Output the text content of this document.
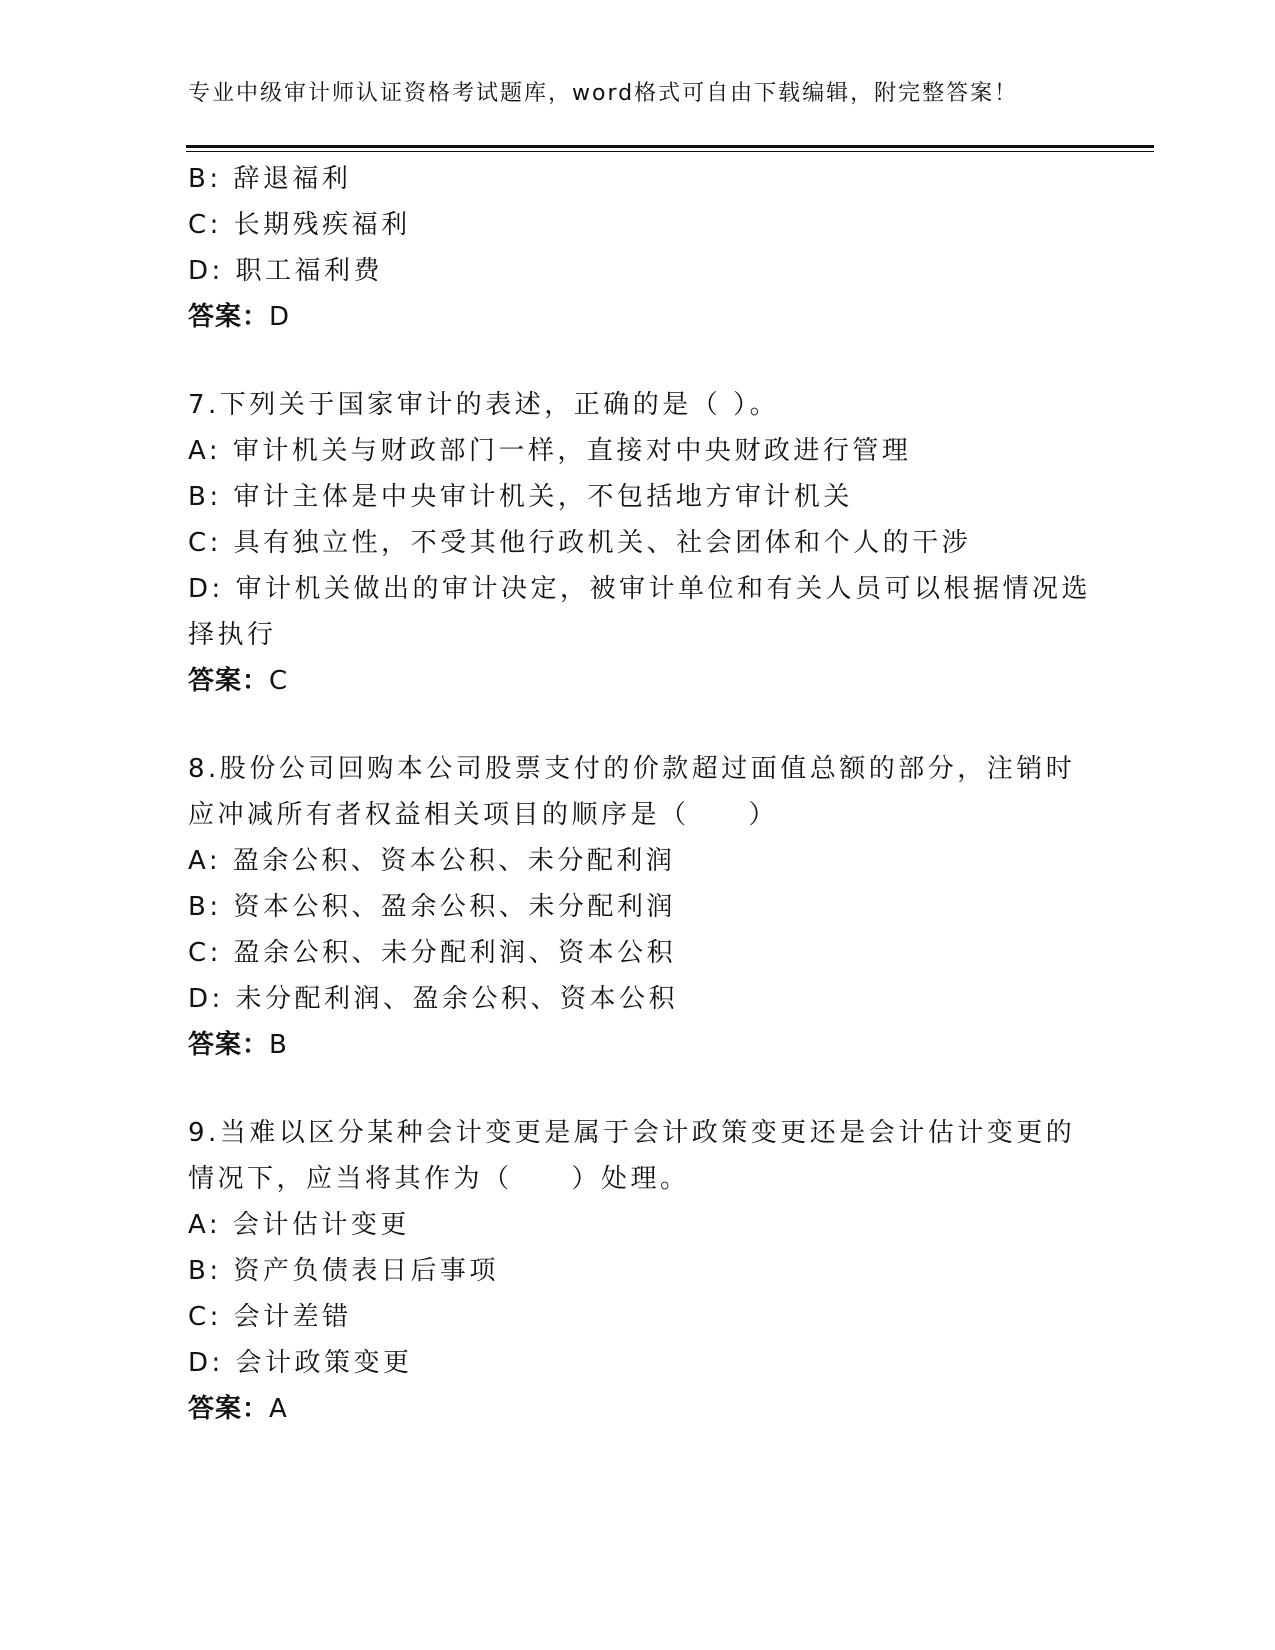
专业中级审计师认证资格考试题库，word格式可自由下载编辑，附完整答案！
B: 辞退福利
C: 长期残疾福利
D: 职工福利费
答案：D
7.下列关于国家审计的表述，正确的是（ ）。
A: 审计机关与财政部门一样，直接对中央财政进行管理
B: 审计主体是中央审计机关，不包括地方审计机关
C: 具有独立性，不受其他行政机关、社会团体和个人的干涉
D: 审计机关做出的审计决定，被审计单位和有关人员可以根据情况选
择执行
答案：C
8.股份公司回购本公司股票支付的价款超过面值总额的部分，注销时
应冲减所有者权益相关项目的顺序是（　　）
A: 盈余公积、资本公积、未分配利润
B: 资本公积、盈余公积、未分配利润
C: 盈余公积、未分配利润、资本公积
D: 未分配利润、盈余公积、资本公积
答案：B
9.当难以区分某种会计变更是属于会计政策变更还是会计估计变更的
情况下，应当将其作为（　　）处理。
A: 会计估计变更
B: 资产负债表日后事项
C: 会计差错
D: 会计政策变更
答案：A
